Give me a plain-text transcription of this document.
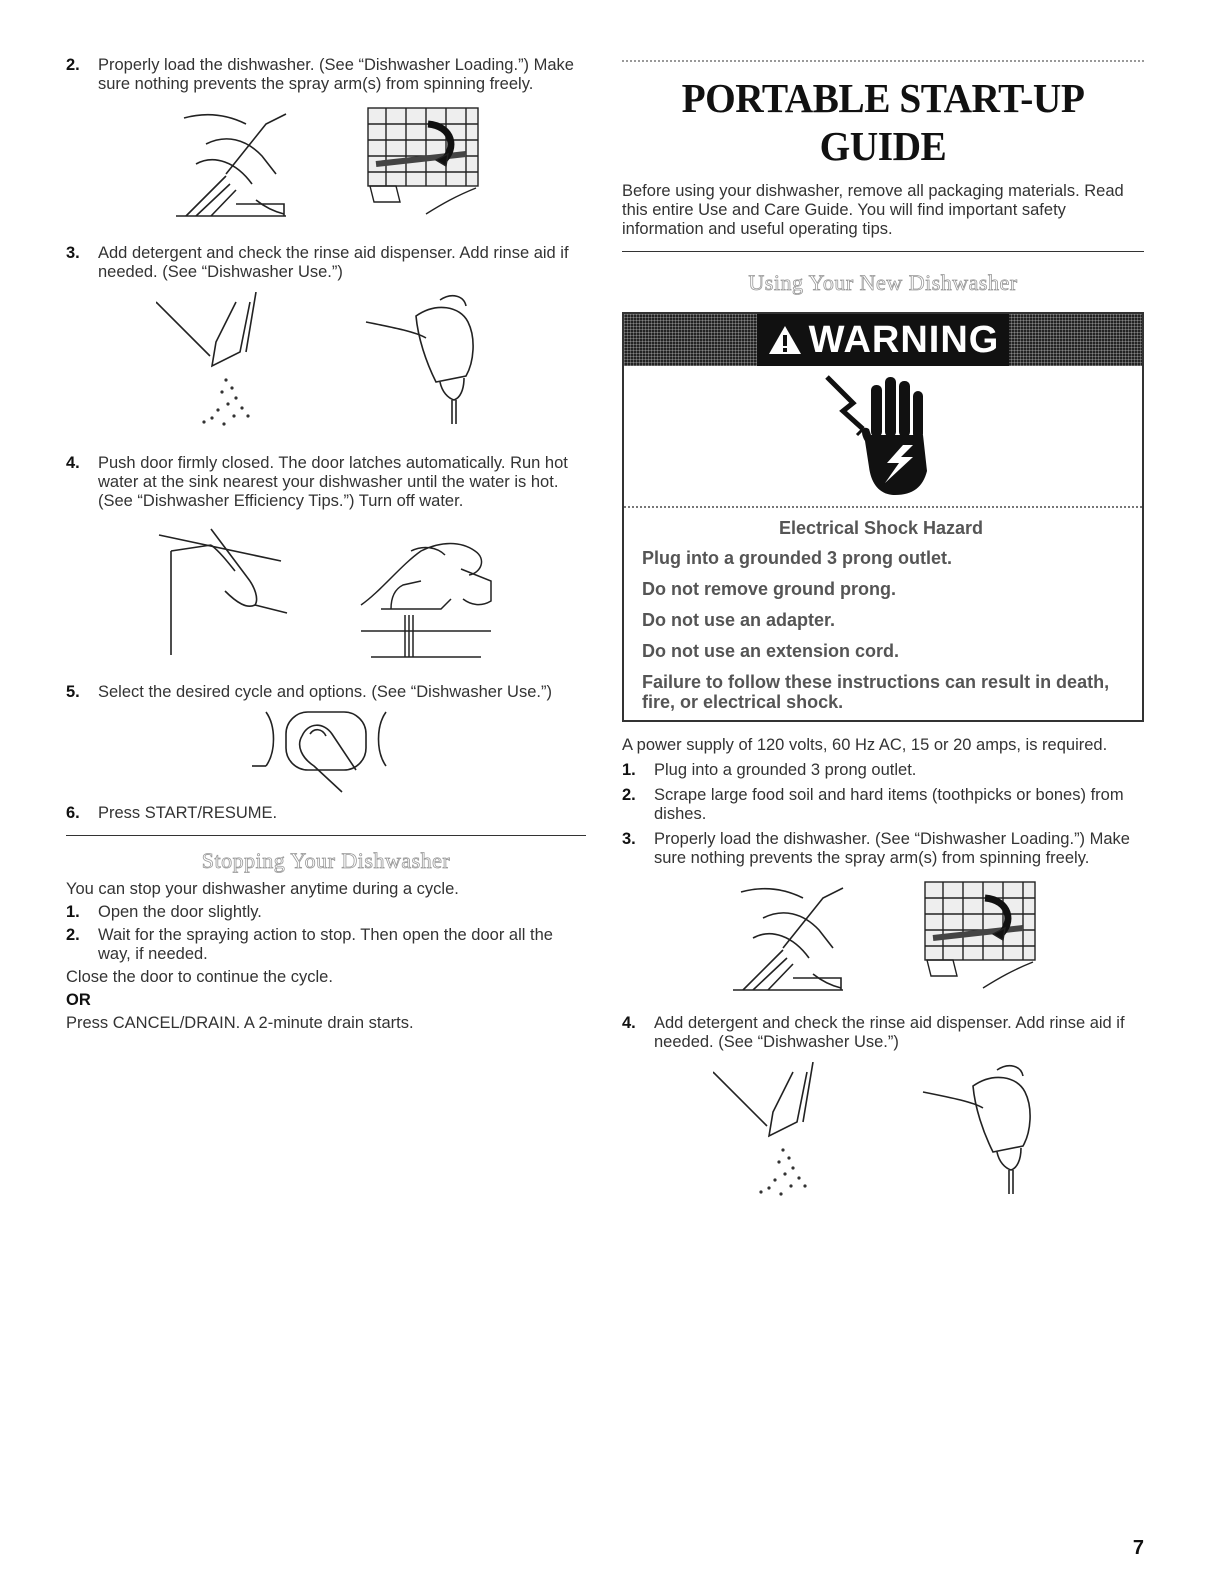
2. Properly load the dishwasher. (See “Dishwasher Loading.”) Make sure nothing prevents the spray arm(s) from spinning freely.
3. Add detergent and check the rinse aid dispenser. Add rinse aid if needed. (See “Dishwasher Use.”)
4. Push door firmly closed. The door latches automatically. Run hot water at the sink nearest your dishwasher until the water is hot. (See “Dishwasher Efficiency Tips.”) Turn off water.
5. Select the desired cycle and options. (See “Dishwasher Use.”)
6. Press START/RESUME.
Stopping Your Dishwasher
You can stop your dishwasher anytime during a cycle.
1. Open the door slightly.
2. Wait for the spraying action to stop. Then open the door all the way, if needed.
Close the door to continue the cycle.
OR
Press CANCEL/DRAIN. A 2-minute drain starts.
PORTABLE START-UP GUIDE
Before using your dishwasher, remove all packaging materials. Read this entire Use and Care Guide. You will find important safety information and useful operating tips.
Using Your New Dishwasher
WARNING
Electrical Shock Hazard
Plug into a grounded 3 prong outlet.
Do not remove ground prong.
Do not use an adapter.
Do not use an extension cord.
Failure to follow these instructions can result in death, fire, or electrical shock.
A power supply of 120 volts, 60 Hz AC, 15 or 20 amps, is required.
1. Plug into a grounded 3 prong outlet.
2. Scrape large food soil and hard items (toothpicks or bones) from dishes.
3. Properly load the dishwasher. (See “Dishwasher Loading.”) Make sure nothing prevents the spray arm(s) from spinning freely.
4. Add detergent and check the rinse aid dispenser. Add rinse aid if needed. (See “Dishwasher Use.”)
7
